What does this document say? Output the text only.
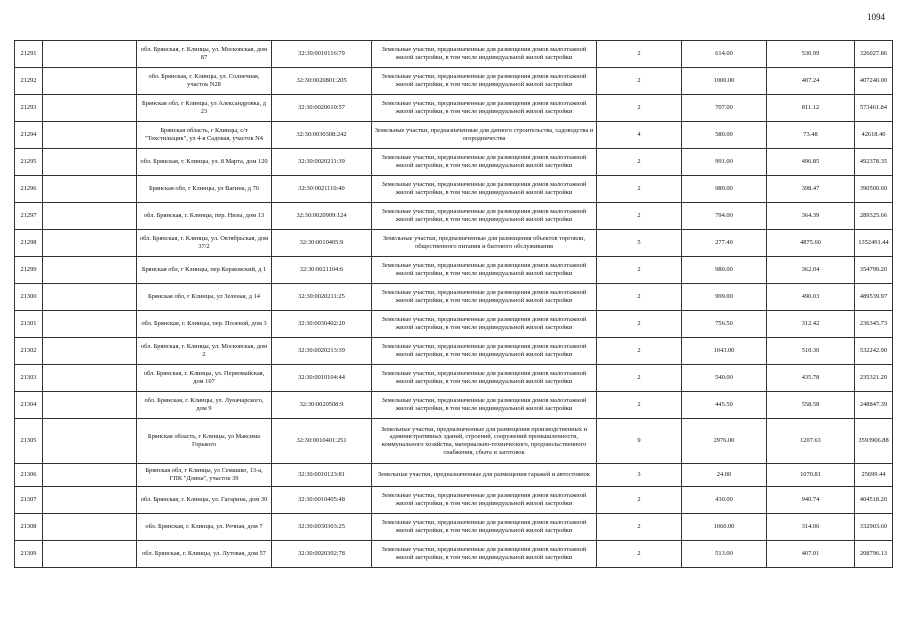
1094
21291		обл. Брянская, г. Клинцы, ул. Московская, дом 87	32:30:0010116:79	Земельные участки, предназначенные для размещения домов малоэтажной жилой застройки, в том числе индивидуальной жилой застройки	2	614.00	530.99	326027.86
21292		обл. Брянская, г. Клинцы, ул. Солнечная, участок N28	32:30:0020801:205	Земельные участки, предназначенные для размещения домов малоэтажной жилой застройки, в том числе индивидуальной жилой застройки	2	1000.00	407.24	407240.00
21293		Брянская обл, г Клинцы, ул Александровка, д 23	32:30:0020610:57	Земельные участки, предназначенные для размещения домов малоэтажной жилой застройки, в том числе индивидуальной жилой застройки	2	707.00	811.12	573461.84
21294		Брянская область, г Клинцы, с/т "Текстильщик", ул 4-я Садовая, участок N4	32:30:0030308:242	Земельные участки, предназначенные для дачного строительства, садоводства и огородничества	4	580.00	73.48	42618.40
21295		обл. Брянская, г. Клинцы, ул. 8 Марта, дом 120	32:30:0020211:39	Земельные участки, предназначенные для размещения домов малоэтажной жилой застройки, в том числе индивидуальной жилой застройки	2	991.00	496.85	492378.35
21296		Брянская обл, г Клинцы, ул Вагина, д 76	32:30:0021110:40	Земельные участки, предназначенные для размещения домов малоэтажной жилой застройки, в том числе индивидуальной жилой застройки	2	980.00	398.47	390500.60
21297		обл. Брянская, г. Клинцы, пер. Низы, дом 13	32:30:0020909:124	Земельные участки, предназначенные для размещения домов малоэтажной жилой застройки, в том числе индивидуальной жилой застройки	2	794.00	364.39	289325.66
21298		обл. Брянская, г. Клинцы, ул. Октябрьская, дом 37/2	32:30:0010405:9	Земельные участки, предназначенные для размещения объектов торговли, общественного питания и бытового обслуживания	5	277.40	4875.60	1352491.44
21299		Брянская обл, г Клинцы, пер Коржовский, д 1	32:30:0021104:6	Земельные участки, предназначенные для размещения домов малоэтажной жилой застройки, в том числе индивидуальной жилой застройки	2	980.00	362.04	354799.20
21300		Брянская обл, г Клинцы, ул Зеленая, д 14	32:30:0020211:25	Земельные участки, предназначенные для размещения домов малоэтажной жилой застройки, в том числе индивидуальной жилой застройки	2	999.00	490.03	489539.97
21301		обл. Брянская, г. Клинцы, пер. Полевой, дом 3	32:30:0030402:20	Земельные участки, предназначенные для размещения домов малоэтажной жилой застройки, в том числе индивидуальной жилой застройки	2	756.50	312.42	236345.73
21302		обл. Брянская, г. Клинцы, ул. Московская, дом 2	32:30:0020213:39	Земельные участки, предназначенные для размещения домов малоэтажной жилой застройки, в том числе индивидуальной жилой застройки	2	1043.00	510.30	532242.90
21303		обл. Брянская, г. Клинцы, ул. Первомайская, дом 107	32:30:0010104:44	Земельные участки, предназначенные для размещения домов малоэтажной жилой застройки, в том числе индивидуальной жилой застройки	2	540.00	435.78	235321.20
21304		обл. Брянская, г. Клинцы, ул. Луначарского, дом 9	32:30:0020508:9	Земельные участки, предназначенные для размещения домов малоэтажной жилой застройки, в том числе индивидуальной жилой застройки	2	445.50	558.58	248847.39
21305		Брянская область, г Клинцы, ул Максима Горького	32:30:0010401:251	Земельные участки, предназначенные для размещения производственных и административных зданий, строений, сооружений промышленности, коммунального хозяйства, материально-технического, продовольственного снабжения, сбыта и заготовок	9	2976.00	1207.63	3593906.88
21306		Брянская обл, г Клинцы, ул Семашко, 13-а, ГПК "Длина", участок 39	32:30:0010123:81	Земельные участки, предназначенные для размещения гаражей и автостоянок	3	24.00	1070.81	25699.44
21307		обл. Брянская, г. Клинцы, ул. Гагарина, дом 30	32:30:0010405:48	Земельные участки, предназначенные для размещения домов малоэтажной жилой застройки, в том числе индивидуальной жилой застройки	2	430.00	940.74	404518.20
21308		обл. Брянская, г. Клинцы, ул. Речная, дом 7	32:30:0030303:25	Земельные участки, предназначенные для размещения домов малоэтажной жилой застройки, в том числе индивидуальной жилой застройки	2	1060.00	314.06	332903.60
21309		обл. Брянская, г. Клинцы, ул. Лутовая, дом 57	32:30:0020302:78	Земельные участки, предназначенные для размещения домов малоэтажной жилой застройки, в том числе индивидуальной жилой застройки	2	513.00	407.01	208796.13
